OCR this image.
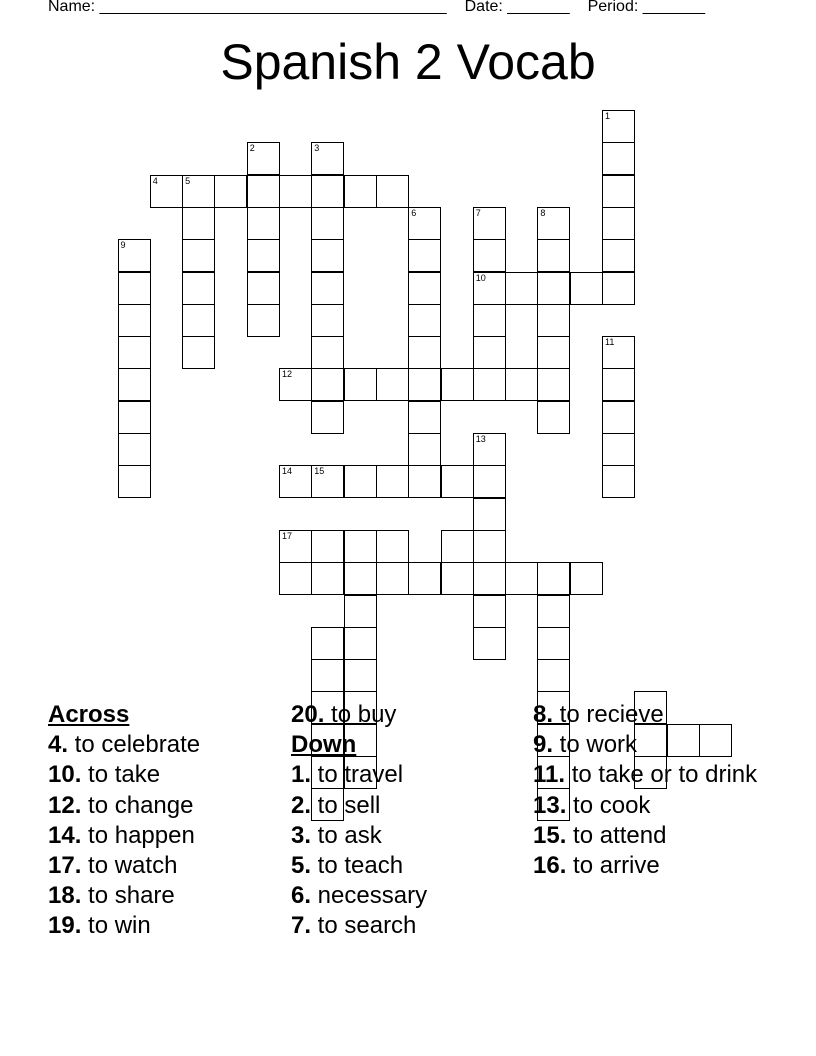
Name: _______________________________________ Date: _______ Period: _______
Spanish 2 Vocab
1
2	3
4	5
6	7
10
8
9
11
12
13
14 15
17
Across
4. to celebrate
10. to take
12. to change
14. to happen
17. to watch
18. to share
19. to win
20. to buy
Down
1. to travel
2. to sell
3. to ask
5. to teach
6. necessary
7. to search
8. to recieve
9. to work
11. to take or to drink
13. to cook
15. to attend
16. to arrive
